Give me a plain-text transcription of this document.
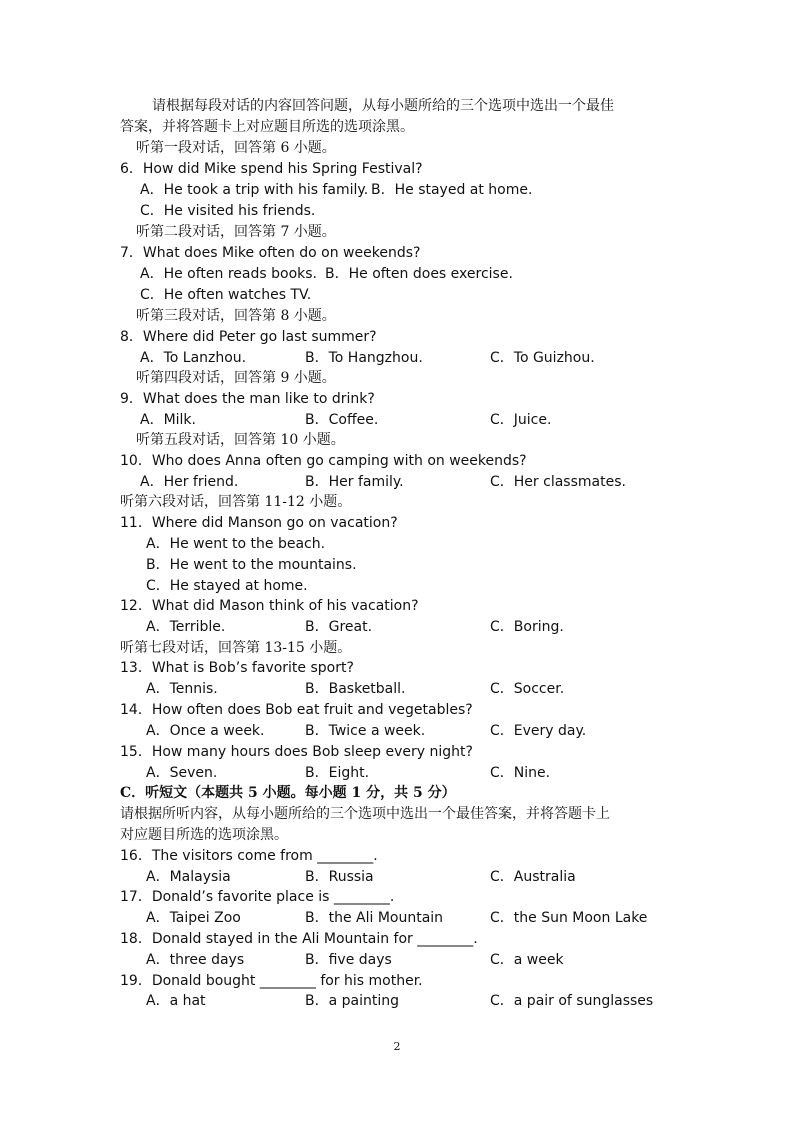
请根据每段对话的内容回答问题，从每小题所给的三个选项中选出一个最佳
答案，并将答题卡上对应题目所选的选项涂黑。
听第一段对话，回答第 6 小题。
6．How did Mike spend his Spring Festival?
A．He took a trip with his family. B．He stayed at home.
C．He visited his friends.
听第二段对话，回答第 7 小题。
7．What does Mike often do on weekends?
A．He often reads books. B．He often does exercise.
C．He often watches TV.
听第三段对话，回答第 8 小题。
8．Where did Peter go last summer?
A．To Lanzhou.	B．To Hangzhou.	C．To Guizhou.
听第四段对话，回答第 9 小题。
9．What does the man like to drink?
A．Milk.	B．Coffee.	C．Juice.
听第五段对话，回答第 10 小题。
10．Who does Anna often go camping with on weekends?
A．Her friend.	B．Her family.	C．Her classmates.
听第六段对话，回答第 11-12 小题。
11．Where did Manson go on vacation?
A．He went to the beach.
B．He went to the mountains.
C．He stayed at home.
12．What did Mason think of his vacation?
A．Terrible.	B．Great.	C．Boring.
听第七段对话，回答第 13-15 小题。
13．What is Bob’s favorite sport?
A．Tennis.	B．Basketball.	C．Soccer.
14．How often does Bob eat fruit and vegetables?
A．Once a week.	B．Twice a week.	C．Every day.
15．How many hours does Bob sleep every night?
A．Seven.	B．Eight.	C．Nine.
C．听短文（本题共 5 小题。每小题 1 分，共 5 分）
请根据所听内容，从每小题所给的三个选项中选出一个最佳答案，并将答题卡上
对应题目所选的选项涂黑。
16．The visitors come from ________.
A．Malaysia	B．Russia	C．Australia
17．Donald’s favorite place is ________.
A．Taipei Zoo	B．the Ali Mountain	C．the Sun Moon Lake
18．Donald stayed in the Ali Mountain for ________.
A．three days	B．five days	C．a week
19．Donald bought ________ for his mother.
A．a hat	B．a painting	C．a pair of sunglasses
2
